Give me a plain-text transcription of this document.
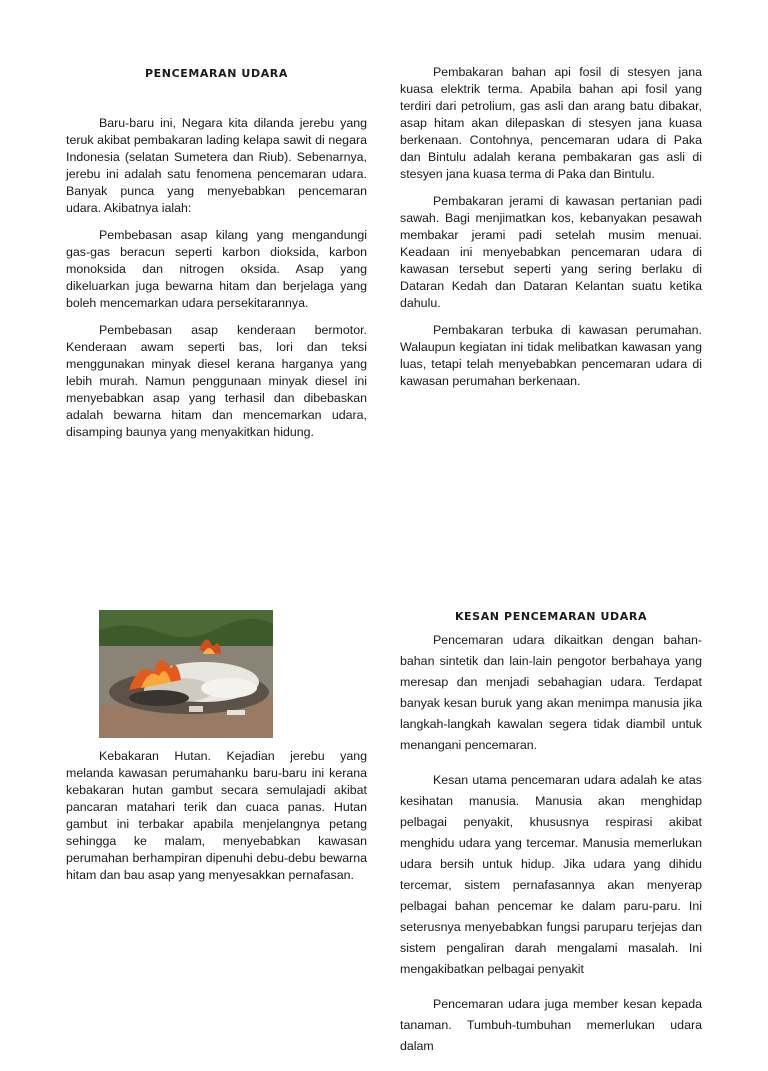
PENCEMARAN UDARA

Baru-baru ini, Negara kita dilanda jerebu yang teruk akibat pembakaran lading kelapa sawit di negara Indonesia (selatan Sumetera dan Riub). Sebenarnya, jerebu ini adalah satu fenomena pencemaran udara. Banyak punca yang menyebabkan pencemaran udara. Akibatnya ialah:

Pembebasan asap kilang yang mengandungi gas-gas beracun seperti karbon dioksida, karbon monoksida dan nitrogen oksida. Asap yang dikeluarkan juga bewarna hitam dan berjelaga yang boleh mencemarkan udara persekitarannya.

Pembebasan asap kenderaan bermotor. Kenderaan awam seperti bas, lori dan teksi menggunakan minyak diesel kerana harganya yang lebih murah. Namun penggunaan minyak diesel ini menyebabkan asap yang terhasil dan dibebaskan adalah bewarna hitam dan mencemarkan udara, disamping baunya yang menyakitkan hidung.

Pembakaran bahan api fosil di stesyen jana kuasa elektrik terma. Apabila bahan api fosil yang terdiri dari petrolium, gas asli dan arang batu dibakar, asap hitam akan dilepaskan di stesyen jana kuasa berkenaan. Contohnya, pencemaran udara di Paka dan Bintulu adalah kerana pembakaran gas asli di stesyen jana kuasa terma di Paka dan Bintulu.

Pembakaran jerami di kawasan pertanian padi sawah. Bagi menjimatkan kos, kebanyakan pesawah membakar jerami padi setelah musim menuai. Keadaan ini menyebabkan pencemaran udara di kawasan tersebut seperti yang sering berlaku di Dataran Kedah dan Dataran Kelantan suatu ketika dahulu.

Pembakaran terbuka di kawasan perumahan. Walaupun kegiatan ini tidak melibatkan kawasan yang luas, tetapi telah menyebabkan pencemaran udara di kawasan perumahan berkenaan.

Kebakaran Hutan. Kejadian jerebu yang melanda kawasan perumahanku baru-baru ini kerana kebakaran hutan gambut secara semulajadi akibat pancaran matahari terik dan cuaca panas. Hutan gambut ini terbakar apabila menjelangnya petang sehingga ke malam, menyebabkan kawasan perumahan berhampiran dipenuhi debu-debu bewarna hitam dan bau asap yang menyesakkan pernafasan.

KESAN PENCEMARAN UDARA

Pencemaran udara dikaitkan dengan bahan-bahan sintetik dan lain-lain pengotor berbahaya yang meresap dan menjadi sebahagian udara. Terdapat banyak kesan buruk yang akan menimpa manusia jika langkah-langkah kawalan segera tidak diambil untuk menangani pencemaran.

Kesan utama pencemaran udara adalah ke atas kesihatan manusia. Manusia akan menghidap pelbagai penyakit, khususnya respirasi akibat menghidu udara yang tercemar. Manusia memerlukan udara bersih untuk hidup. Jika udara yang dihidu tercemar, sistem pernafasannya akan menyerap pelbagai bahan pencemar ke dalam paru-paru. Ini seterusnya menyebabkan fungsi paruparu terjejas dan sistem pengaliran darah mengalami masalah. Ini mengakibatkan pelbagai penyakit

Pencemaran udara juga member kesan kepada tanaman. Tumbuh-tumbuhan memerlukan udara dalam
